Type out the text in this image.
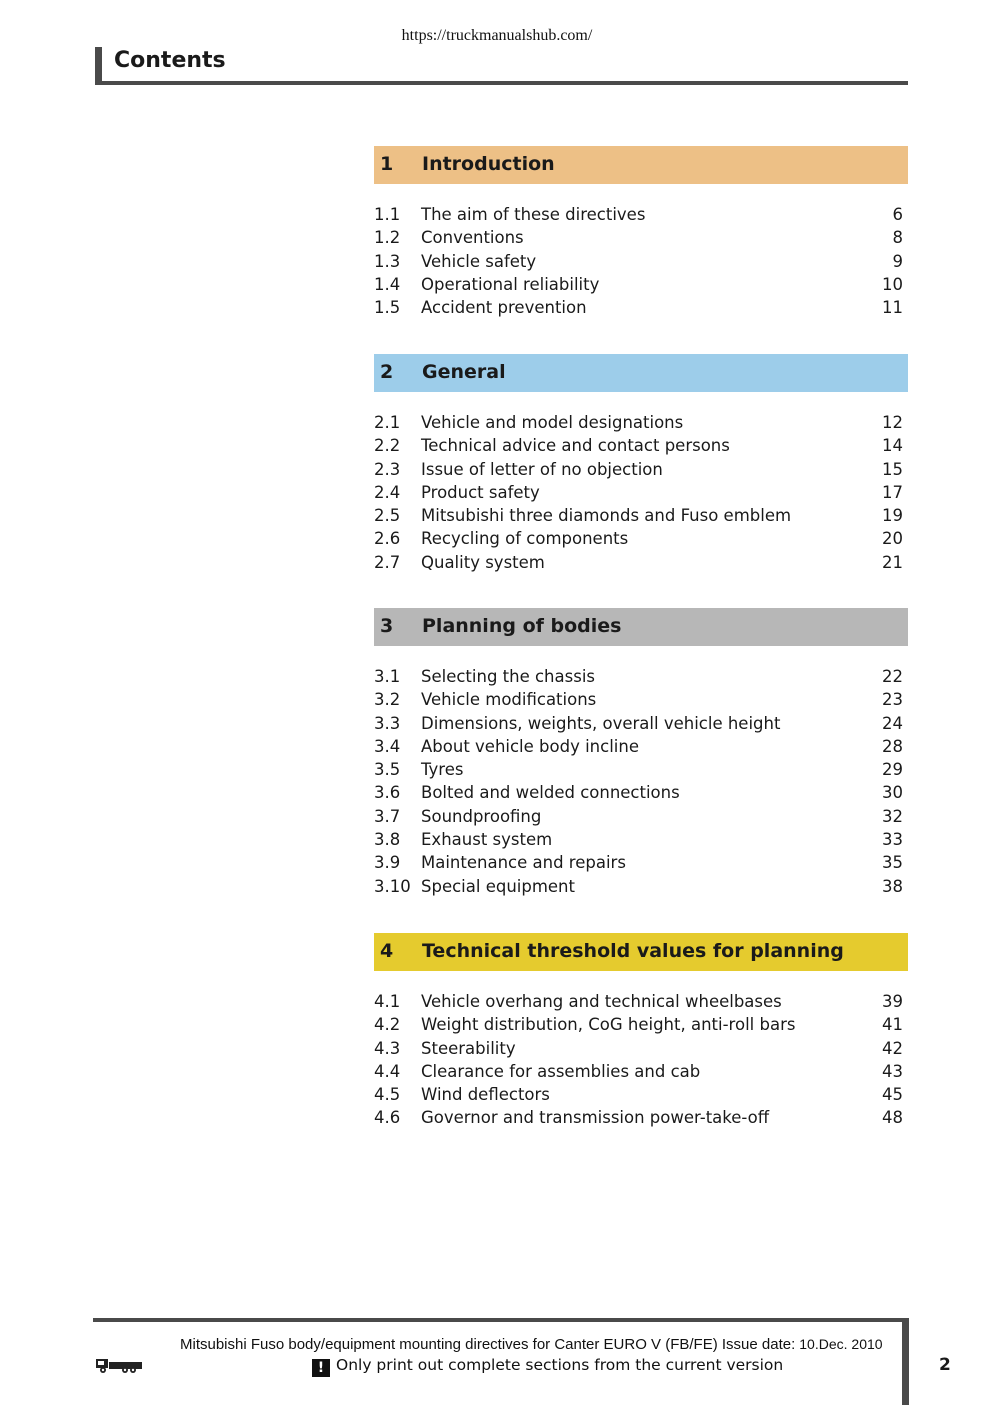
https://truckmanualshub.com/
Contents
1 Introduction
1.1 The aim of these directives	6
1.2 Conventions	8
1.3 Vehicle safety	9
1.4 Operational reliability	10
1.5 Accident prevention	11
2 General
2.1 Vehicle and model designations	12
2.2 Technical advice and contact persons	14
2.3 Issue of letter of no objection	15
2.4 Product safety	17
2.5 Mitsubishi three diamonds and Fuso emblem	19
2.6 Recycling of components	20
2.7 Quality system	21
3 Planning of bodies
3.1 Selecting the chassis	22
3.2 Vehicle modifications	23
3.3 Dimensions, weights, overall vehicle height	24
3.4 About vehicle body incline	28
3.5 Tyres	29
3.6 Bolted and welded connections	30
3.7 Soundproofing	32
3.8 Exhaust system	33
3.9 Maintenance and repairs	35
3.10 Special equipment	38
4 Technical threshold values for planning
4.1 Vehicle overhang and technical wheelbases	39
4.2 Weight distribution, CoG height, anti-roll bars	41
4.3 Steerability	42
4.4 Clearance for assemblies and cab	43
4.5 Wind deflectors	45
4.6 Governor and transmission power-take-off	48
Mitsubishi Fuso body/equipment mounting directives for Canter EURO V (FB/FE) Issue date: 10.Dec. 2010
! Only print out complete sections from the current version	2
